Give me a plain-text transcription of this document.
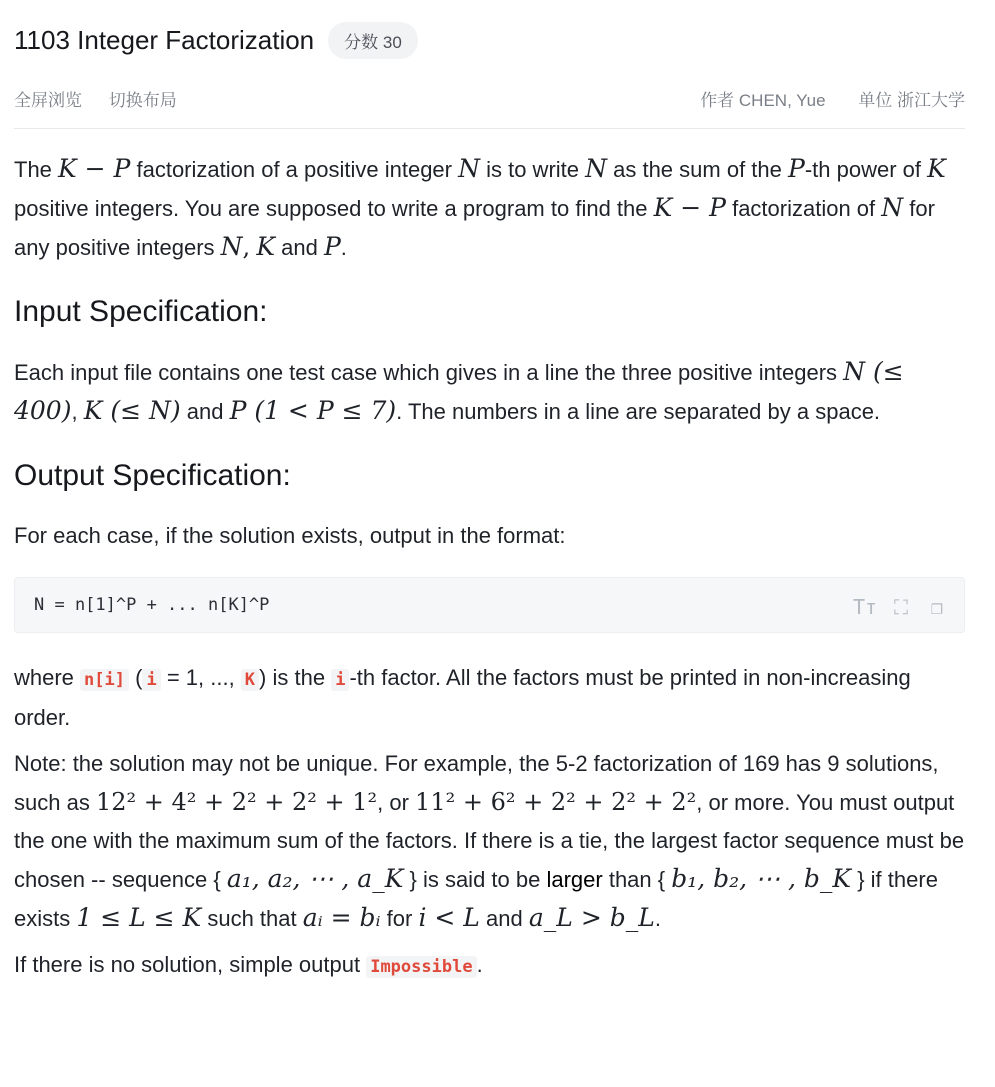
1103 Integer Factorization	分数 30
全屏浏览 切换布局	作者 CHEN, Yue 单位 浙江大学

The K − P factorization of a positive integer N is to write N as the sum of the P-th power of K positive integers. You are supposed to write a program to find the K − P factorization of N for any positive integers N, K and P.

Input Specification:

Each input file contains one test case which gives in a line the three positive integers N (≤ 400), K (≤ N) and P (1 < P ≤ 7). The numbers in a line are separated by a space.

Output Specification:

For each case, if the solution exists, output in the format:

N = n[1]^P + ... n[K]^P	Tт ⛶	❐

where n[i] ( i = 1, ..., K ) is the i -th factor. All the factors must be printed in non-increasing order.

Note: the solution may not be unique. For example, the 5-2 factorization of 169 has 9 solutions, such as 12² + 4² + 2² + 2² + 1², or 11² + 6² + 2² + 2² + 2², or more. You must output the one with the maximum sum of the factors. If there is a tie, the largest factor sequence must be chosen -- sequence { a₁, a₂, ⋯ , a_K } is said to be larger than { b₁, b₂, ⋯ , b_K } if there exists 1 ≤ L ≤ K such that aᵢ = bᵢ for i < L and a_L > b_L.

If there is no solution, simple output Impossible .
